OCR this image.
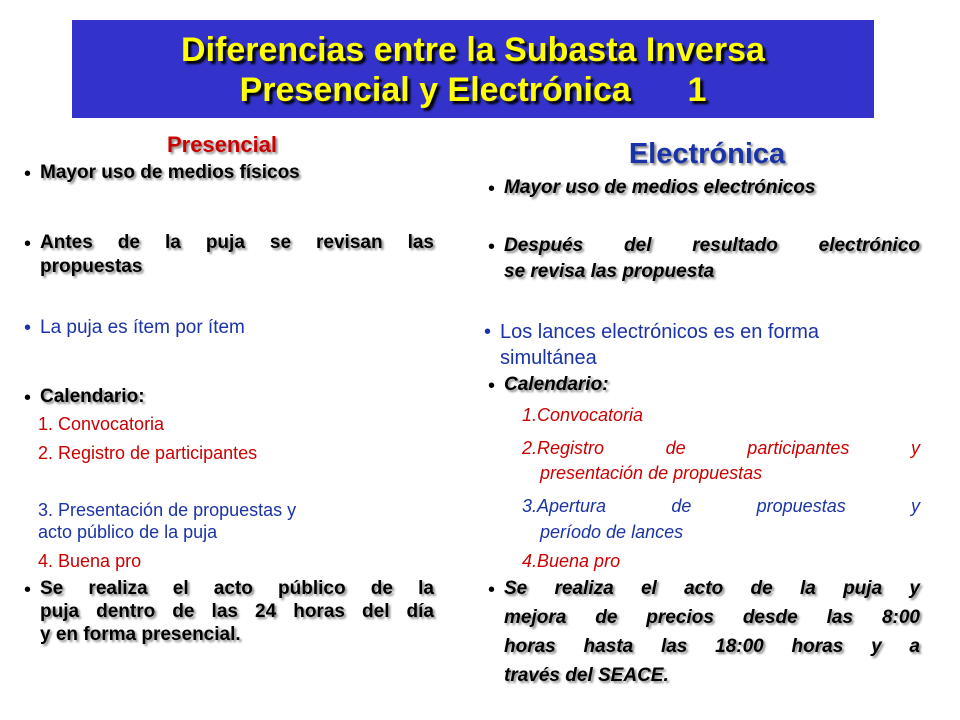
Diferencias entre la Subasta Inversa
Presencial y Electrónica      1
Presencial
• Mayor uso de medios físicos
• Antes de la puja se revisan las
propuestas
• La puja es ítem por ítem
• Calendario:
1. Convocatoria
2. Registro de participantes
3. Presentación de propuestas y
acto público de la puja
4. Buena pro
• Se realiza el acto público de la
puja dentro de las 24 horas del día
y en forma presencial.
Electrónica
• Mayor uso de medios electrónicos
• Después del resultado electrónico
se revisa las propuesta
• Los lances electrónicos es en forma
simultánea
• Calendario:
1.Convocatoria
2.Registro de participantes y
presentación de propuestas
3.Apertura de propuestas y
período de lances
4.Buena pro
• Se realiza el acto de la puja y
mejora de precios desde las 8:00
horas hasta las 18:00 horas y a
través del SEACE.
